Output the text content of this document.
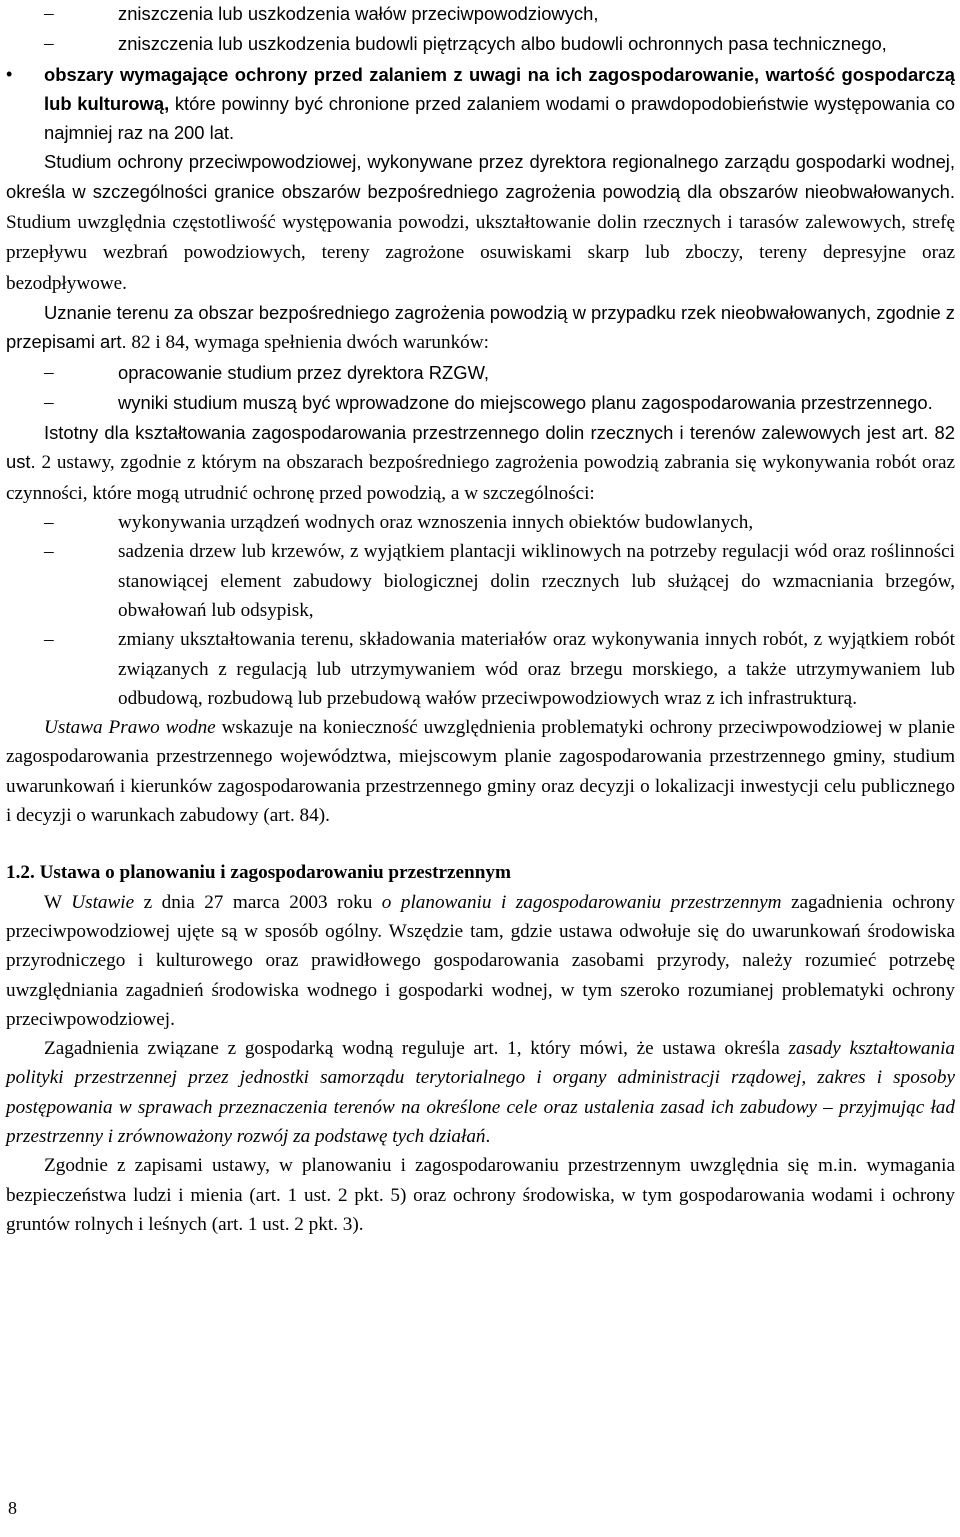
–	zniszczenia lub uszkodzenia wałów przeciwpowodziowych,
–	zniszczenia lub uszkodzenia budowli piętrzących albo budowli ochronnych pasa technicznego,
• obszary wymagające ochrony przed zalaniem z uwagi na ich zagospodarowanie, wartość gospodarczą lub kulturową, które powinny być chronione przed zalaniem wodami o prawdopodobieństwie występowania co najmniej raz na 200 lat.

Studium ochrony przeciwpowodziowej, wykonywane przez dyrektora regionalnego zarządu gospodarki wodnej, określa w szczególności granice obszarów bezpośredniego zagrożenia powodzią dla obszarów nieobwałowanych. Studium uwzględnia częstotliwość występowania powodzi, ukształtowanie dolin rzecznych i tarasów zalewowych, strefę przepływu wezbrań powodziowych, tereny zagrożone osuwiskami skarp lub zboczy, tereny depresyjne oraz bezodpływowe.

Uznanie terenu za obszar bezpośredniego zagrożenia powodzią w przypadku rzek nieobwałowanych, zgodnie z przepisami art. 82 i 84, wymaga spełnienia dwóch warunków:

–	opracowanie studium przez dyrektora RZGW,
–	wyniki studium muszą być wprowadzone do miejscowego planu zagospodarowania przestrzennego.

Istotny dla kształtowania zagospodarowania przestrzennego dolin rzecznych i terenów zalewowych jest art. 82 ust. 2 ustawy, zgodnie z którym na obszarach bezpośredniego zagrożenia powodzią zabrania się wykonywania robót oraz czynności, które mogą utrudnić ochronę przed powodzią, a w szczególności:

–	wykonywania urządzeń wodnych oraz wznoszenia innych obiektów budowlanych,
–	sadzenia drzew lub krzewów, z wyjątkiem plantacji wiklinowych na potrzeby regulacji wód oraz roślinności stanowiącej element zabudowy biologicznej dolin rzecznych lub służącej do wzmacniania brzegów, obwałowań lub odsypisk,
–	zmiany ukształtowania terenu, składowania materiałów oraz wykonywania innych robót, z wyjątkiem robót związanych z regulacją lub utrzymywaniem wód oraz brzegu morskiego, a także utrzymywaniem lub odbudową, rozbudową lub przebudową wałów przeciwpowodziowych wraz z ich infrastrukturą.

Ustawa Prawo wodne wskazuje na konieczność uwzględnienia problematyki ochrony przeciwpowodziowej w planie zagospodarowania przestrzennego województwa, miejscowym planie zagospodarowania przestrzennego gminy, studium uwarunkowań i kierunków zagospodarowania przestrzennego gminy oraz decyzji o lokalizacji inwestycji celu publicznego i decyzji o warunkach zabudowy (art. 84).

1.2. Ustawa o planowaniu i zagospodarowaniu przestrzennym

W Ustawie z dnia 27 marca 2003 roku o planowaniu i zagospodarowaniu przestrzennym zagadnienia ochrony przeciwpowodziowej ujęte są w sposób ogólny. Wszędzie tam, gdzie ustawa odwołuje się do uwarunkowań środowiska przyrodniczego i kulturowego oraz prawidłowego gospodarowania zasobami przyrody, należy rozumieć potrzebę uwzględniania zagadnień środowiska wodnego i gospodarki wodnej, w tym szeroko rozumianej problematyki ochrony przeciwpowodziowej.

Zagadnienia związane z gospodarką wodną reguluje art. 1, który mówi, że ustawa określa zasady kształtowania polityki przestrzennej przez jednostki samorządu terytorialnego i organy administracji rządowej, zakres i sposoby postępowania w sprawach przeznaczenia terenów na określone cele oraz ustalenia zasad ich zabudowy – przyjmując ład przestrzenny i zrównoważony rozwój za podstawę tych działań.

Zgodnie z zapisami ustawy, w planowaniu i zagospodarowaniu przestrzennym uwzględnia się m.in. wymagania bezpieczeństwa ludzi i mienia (art. 1 ust. 2 pkt. 5) oraz ochrony środowiska, w tym gospodarowania wodami i ochrony gruntów rolnych i leśnych (art. 1 ust. 2 pkt. 3).

8
